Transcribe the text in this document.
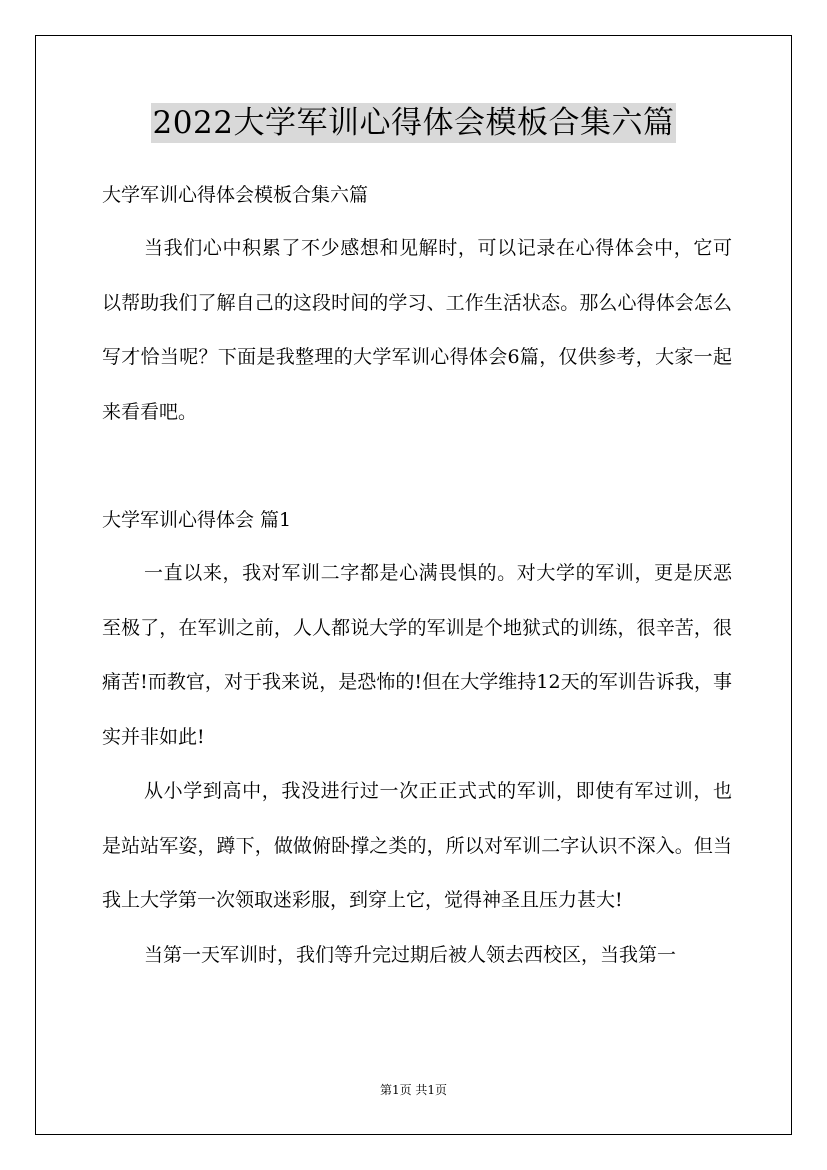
2022大学军训心得体会模板合集六篇

大学军训心得体会模板合集六篇

当我们心中积累了不少感想和见解时，可以记录在心得体会中，它可以帮助我们了解自己的这段时间的学习、工作生活状态。那么心得体会怎么写才恰当呢？下面是我整理的大学军训心得体会6篇，仅供参考，大家一起来看看吧。

大学军训心得体会 篇1

一直以来，我对军训二字都是心满畏惧的。对大学的军训，更是厌恶至极了，在军训之前，人人都说大学的军训是个地狱式的训练，很辛苦，很痛苦!而教官，对于我来说，是恐怖的!但在大学维持12天的军训告诉我，事实并非如此!

从小学到高中，我没进行过一次正正式式的军训，即使有军过训，也是站站军姿，蹲下，做做俯卧撑之类的，所以对军训二字认识不深入。但当我上大学第一次领取迷彩服，到穿上它，觉得神圣且压力甚大!

当第一天军训时，我们等升完过期后被人领去西校区，当我第一

第1页 共1页
